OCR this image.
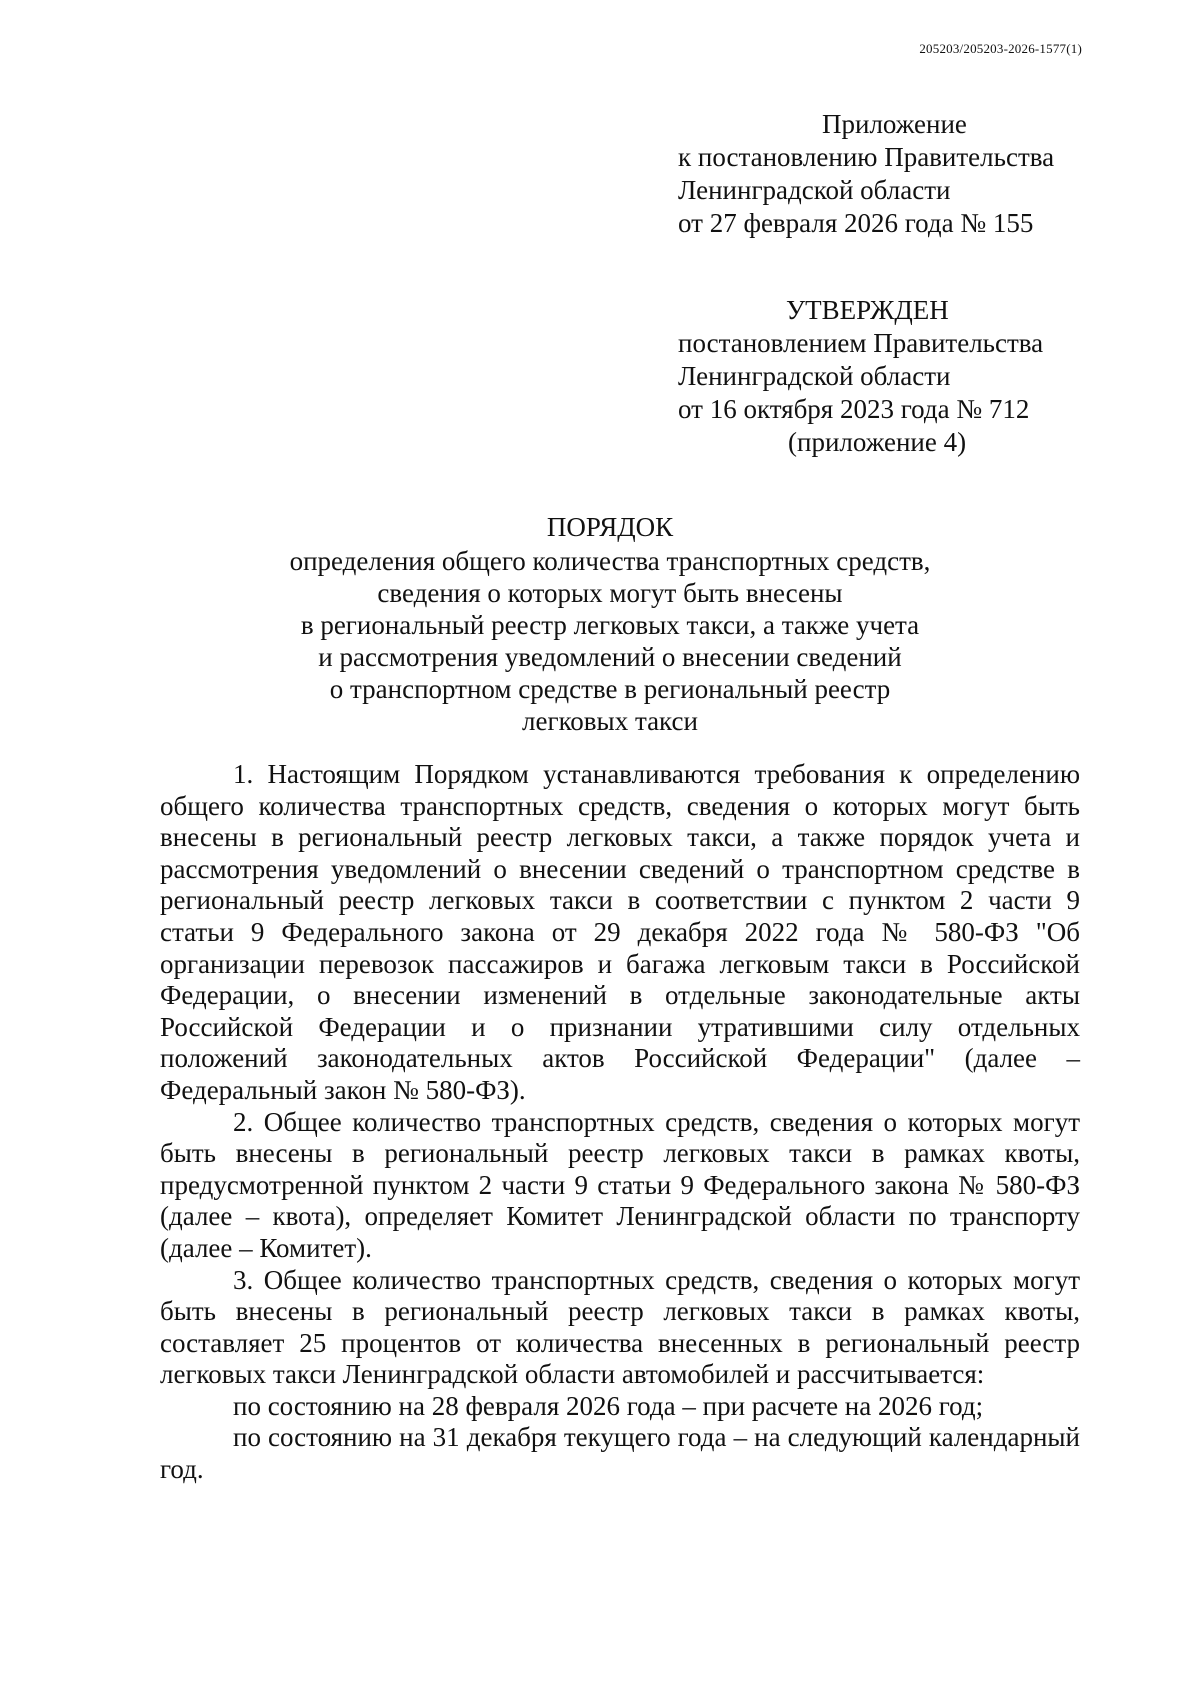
205203/205203-2026-1577(1)
Приложение
к постановлению Правительства
Ленинградской области
от 27 февраля 2026 года № 155
УТВЕРЖДЕН
постановлением Правительства
Ленинградской области
от 16 октября 2023 года № 712
(приложение 4)
ПОРЯДОК
определения общего количества транспортных средств,
сведения о которых могут быть внесены
в региональный реестр легковых такси, а также учета
и рассмотрения уведомлений о внесении сведений
о транспортном средстве в региональный реестр
легковых такси

1. Настоящим Порядком устанавливаются требования к определению общего количества транспортных средств, сведения о которых могут быть внесены в региональный реестр легковых такси, а также порядок учета и рассмотрения уведомлений о внесении сведений о транспортном средстве в региональный реестр легковых такси в соответствии с пунктом 2 части 9 статьи 9 Федерального закона от 29 декабря 2022 года № 580-ФЗ "Об организации перевозок пассажиров и багажа легковым такси в Российской Федерации, о внесении изменений в отдельные законодательные акты Российской Федерации и о признании утратившими силу отдельных положений законодательных актов Российской Федерации" (далее – Федеральный закон № 580-ФЗ).

2. Общее количество транспортных средств, сведения о которых могут быть внесены в региональный реестр легковых такси в рамках квоты, предусмотренной пунктом 2 части 9 статьи 9 Федерального закона № 580-ФЗ (далее – квота), определяет Комитет Ленинградской области по транспорту (далее – Комитет).

3. Общее количество транспортных средств, сведения о которых могут быть внесены в региональный реестр легковых такси в рамках квоты, составляет 25 процентов от количества внесенных в региональный реестр легковых такси Ленинградской области автомобилей и рассчитывается:

по состоянию на 28 февраля 2026 года – при расчете на 2026 год;

по состоянию на 31 декабря текущего года – на следующий календарный год.
